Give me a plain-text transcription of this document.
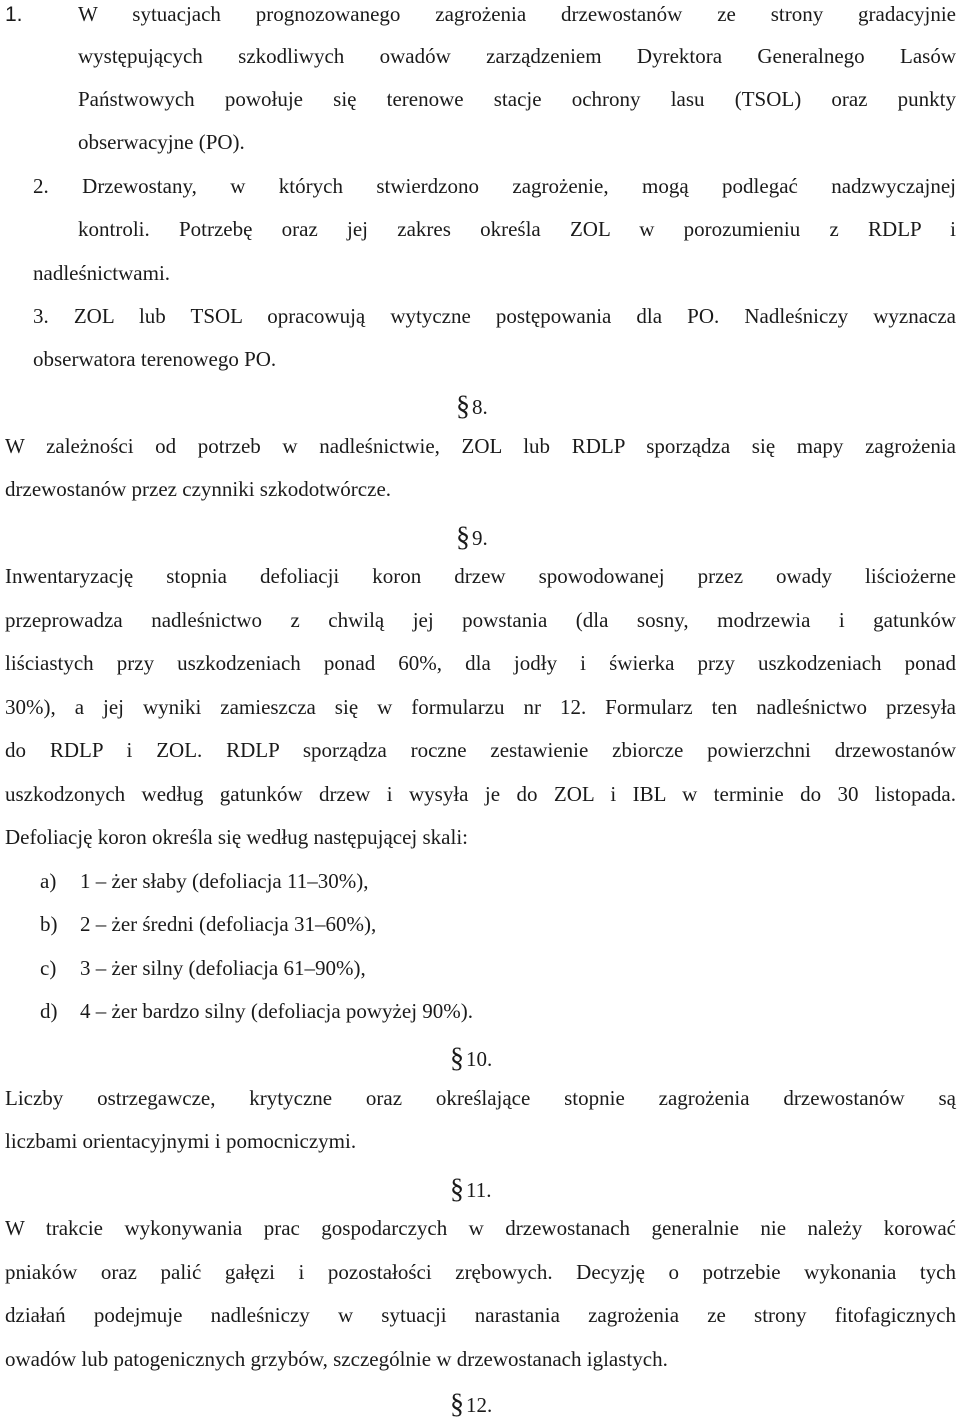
1.	W sytuacjach prognozowanego zagrożenia drzewostanów ze strony gradacyjnie
występujących szkodliwych owadów zarządzeniem Dyrektora Generalnego Lasów
Państwowych powołuje się terenowe stacje ochrony lasu (TSOL) oraz punkty
obserwacyjne (PO).
2. Drzewostany, w których stwierdzono zagrożenie, mogą podlegać nadzwyczajnej
kontroli. Potrzebę oraz jej zakres określa ZOL w porozumieniu z RDLP i
nadleśnictwami.
3. ZOL lub TSOL opracowują wytyczne postępowania dla PO. Nadleśniczy wyznacza
obserwatora terenowego PO.
§8.
W zależności od potrzeb w nadleśnictwie, ZOL lub RDLP sporządza się mapy zagrożenia
drzewostanów przez czynniki szkodotwórcze.
§9.
Inwentaryzację stopnia defoliacji koron drzew spowodowanej przez owady liściożerne
przeprowadza nadleśnictwo z chwilą jej powstania (dla sosny, modrzewia i gatunków
liściastych przy uszkodzeniach ponad 60%, dla jodły i świerka przy uszkodzeniach ponad
30%), a jej wyniki zamieszcza się w formularzu nr 12. Formularz ten nadleśnictwo przesyła
do RDLP i ZOL. RDLP sporządza roczne zestawienie zbiorcze powierzchni drzewostanów
uszkodzonych według gatunków drzew i wysyła je do ZOL i IBL w terminie do 30 listopada.
Defoliację koron określa się według następującej skali:
a) 1 – żer słaby (defoliacja 11–30%),
b) 2 – żer średni (defoliacja 31–60%),
c) 3 – żer silny (defoliacja 61–90%),
d) 4 – żer bardzo silny (defoliacja powyżej 90%).
§10.
Liczby ostrzegawcze, krytyczne oraz określające stopnie zagrożenia drzewostanów są
liczbami orientacyjnymi i pomocniczymi.
§11.
W trakcie wykonywania prac gospodarczych w drzewostanach generalnie nie należy korować
pniaków oraz palić gałęzi i pozostałości zrębowych. Decyzję o potrzebie wykonania tych
działań podejmuje nadleśniczy w sytuacji narastania zagrożenia ze strony fitofagicznych
owadów lub patogenicznych grzybów, szczególnie w drzewostanach iglastych.
§12.
